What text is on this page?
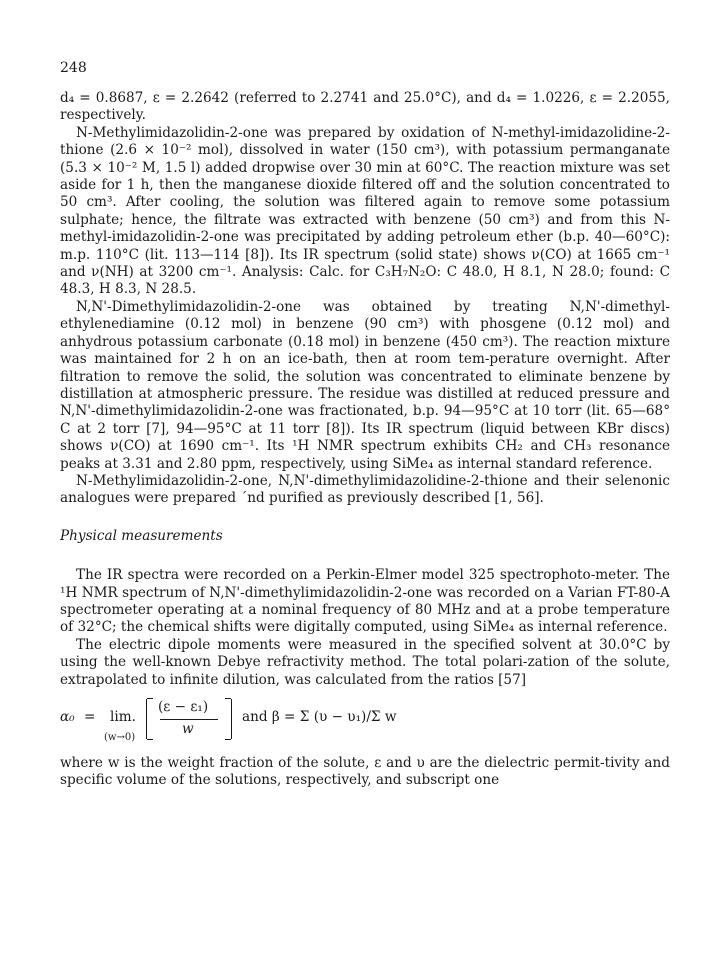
248

d₄ = 0.8687, ε = 2.2642 (referred to 2.2741 and 25.0°C), and d₄ = 1.0226, ε = 2.2055, respectively.

N-Methylimidazolidin-2-one was prepared by oxidation of N-methyl-imidazolidine-2-thione (2.6 × 10⁻² mol), dissolved in water (150 cm³), with potassium permanganate (5.3 × 10⁻² M, 1.5 l) added dropwise over 30 min at 60°C. The reaction mixture was set aside for 1 h, then the manganese dioxide filtered off and the solution concentrated to 50 cm³. After cooling, the solution was filtered again to remove some potassium sulphate; hence, the filtrate was extracted with benzene (50 cm³) and from this N-methyl-imidazolidin-2-one was precipitated by adding petroleum ether (b.p. 40—60°C): m.p. 110°C (lit. 113—114 [8]). Its IR spectrum (solid state) shows ν(CO) at 1665 cm⁻¹ and ν(NH) at 3200 cm⁻¹. Analysis: Calc. for C₃H₇N₂O: C 48.0, H 8.1, N 28.0; found: C 48.3, H 8.3, N 28.5.

N,N'-Dimethylimidazolidin-2-one was obtained by treating N,N'-dimethyl-ethylenediamine (0.12 mol) in benzene (90 cm³) with phosgene (0.12 mol) and anhydrous potassium carbonate (0.18 mol) in benzene (450 cm³). The reaction mixture was maintained for 2 h on an ice-bath, then at room tem-perature overnight. After filtration to remove the solid, the solution was concentrated to eliminate benzene by distillation at atmospheric pressure. The residue was distilled at reduced pressure and N,N'-dimethylimidazolidin-2-one was fractionated, b.p. 94—95°C at 10 torr (lit. 65—68° C at 2 torr [7], 94—95°C at 11 torr [8]). Its IR spectrum (liquid between KBr discs) shows ν(CO) at 1690 cm⁻¹. Its ¹H NMR spectrum exhibits CH₂ and CH₃ resonance peaks at 3.31 and 2.80 ppm, respectively, using SiMe₄ as internal standard reference.

N-Methylimidazolidin-2-one, N,N'-dimethylimidazolidine-2-thione and their selenonic analogues were prepared ˊnd purified as previously described [1, 56].

Physical measurements

The IR spectra were recorded on a Perkin-Elmer model 325 spectrophoto-meter. The ¹H NMR spectrum of N,N'-dimethylimidazolidin-2-one was recorded on a Varian FT-80-A spectrometer operating at a nominal frequency of 80 MHz and at a probe temperature of 32°C; the chemical shifts were digitally computed, using SiMe₄ as internal reference.

The electric dipole moments were measured in the specified solvent at 30.0°C by using the well-known Debye refractivity method. The total polari-zation of the solute, extrapolated to infinite dilution, was calculated from the ratios [57]

α₀ = lim.
(w→0)
(ε − ε₁)
w
and β = Σ (υ − υ₁)/Σ w

where w is the weight fraction of the solute, ε and υ are the dielectric permit-tivity and specific volume of the solutions, respectively, and subscript one
